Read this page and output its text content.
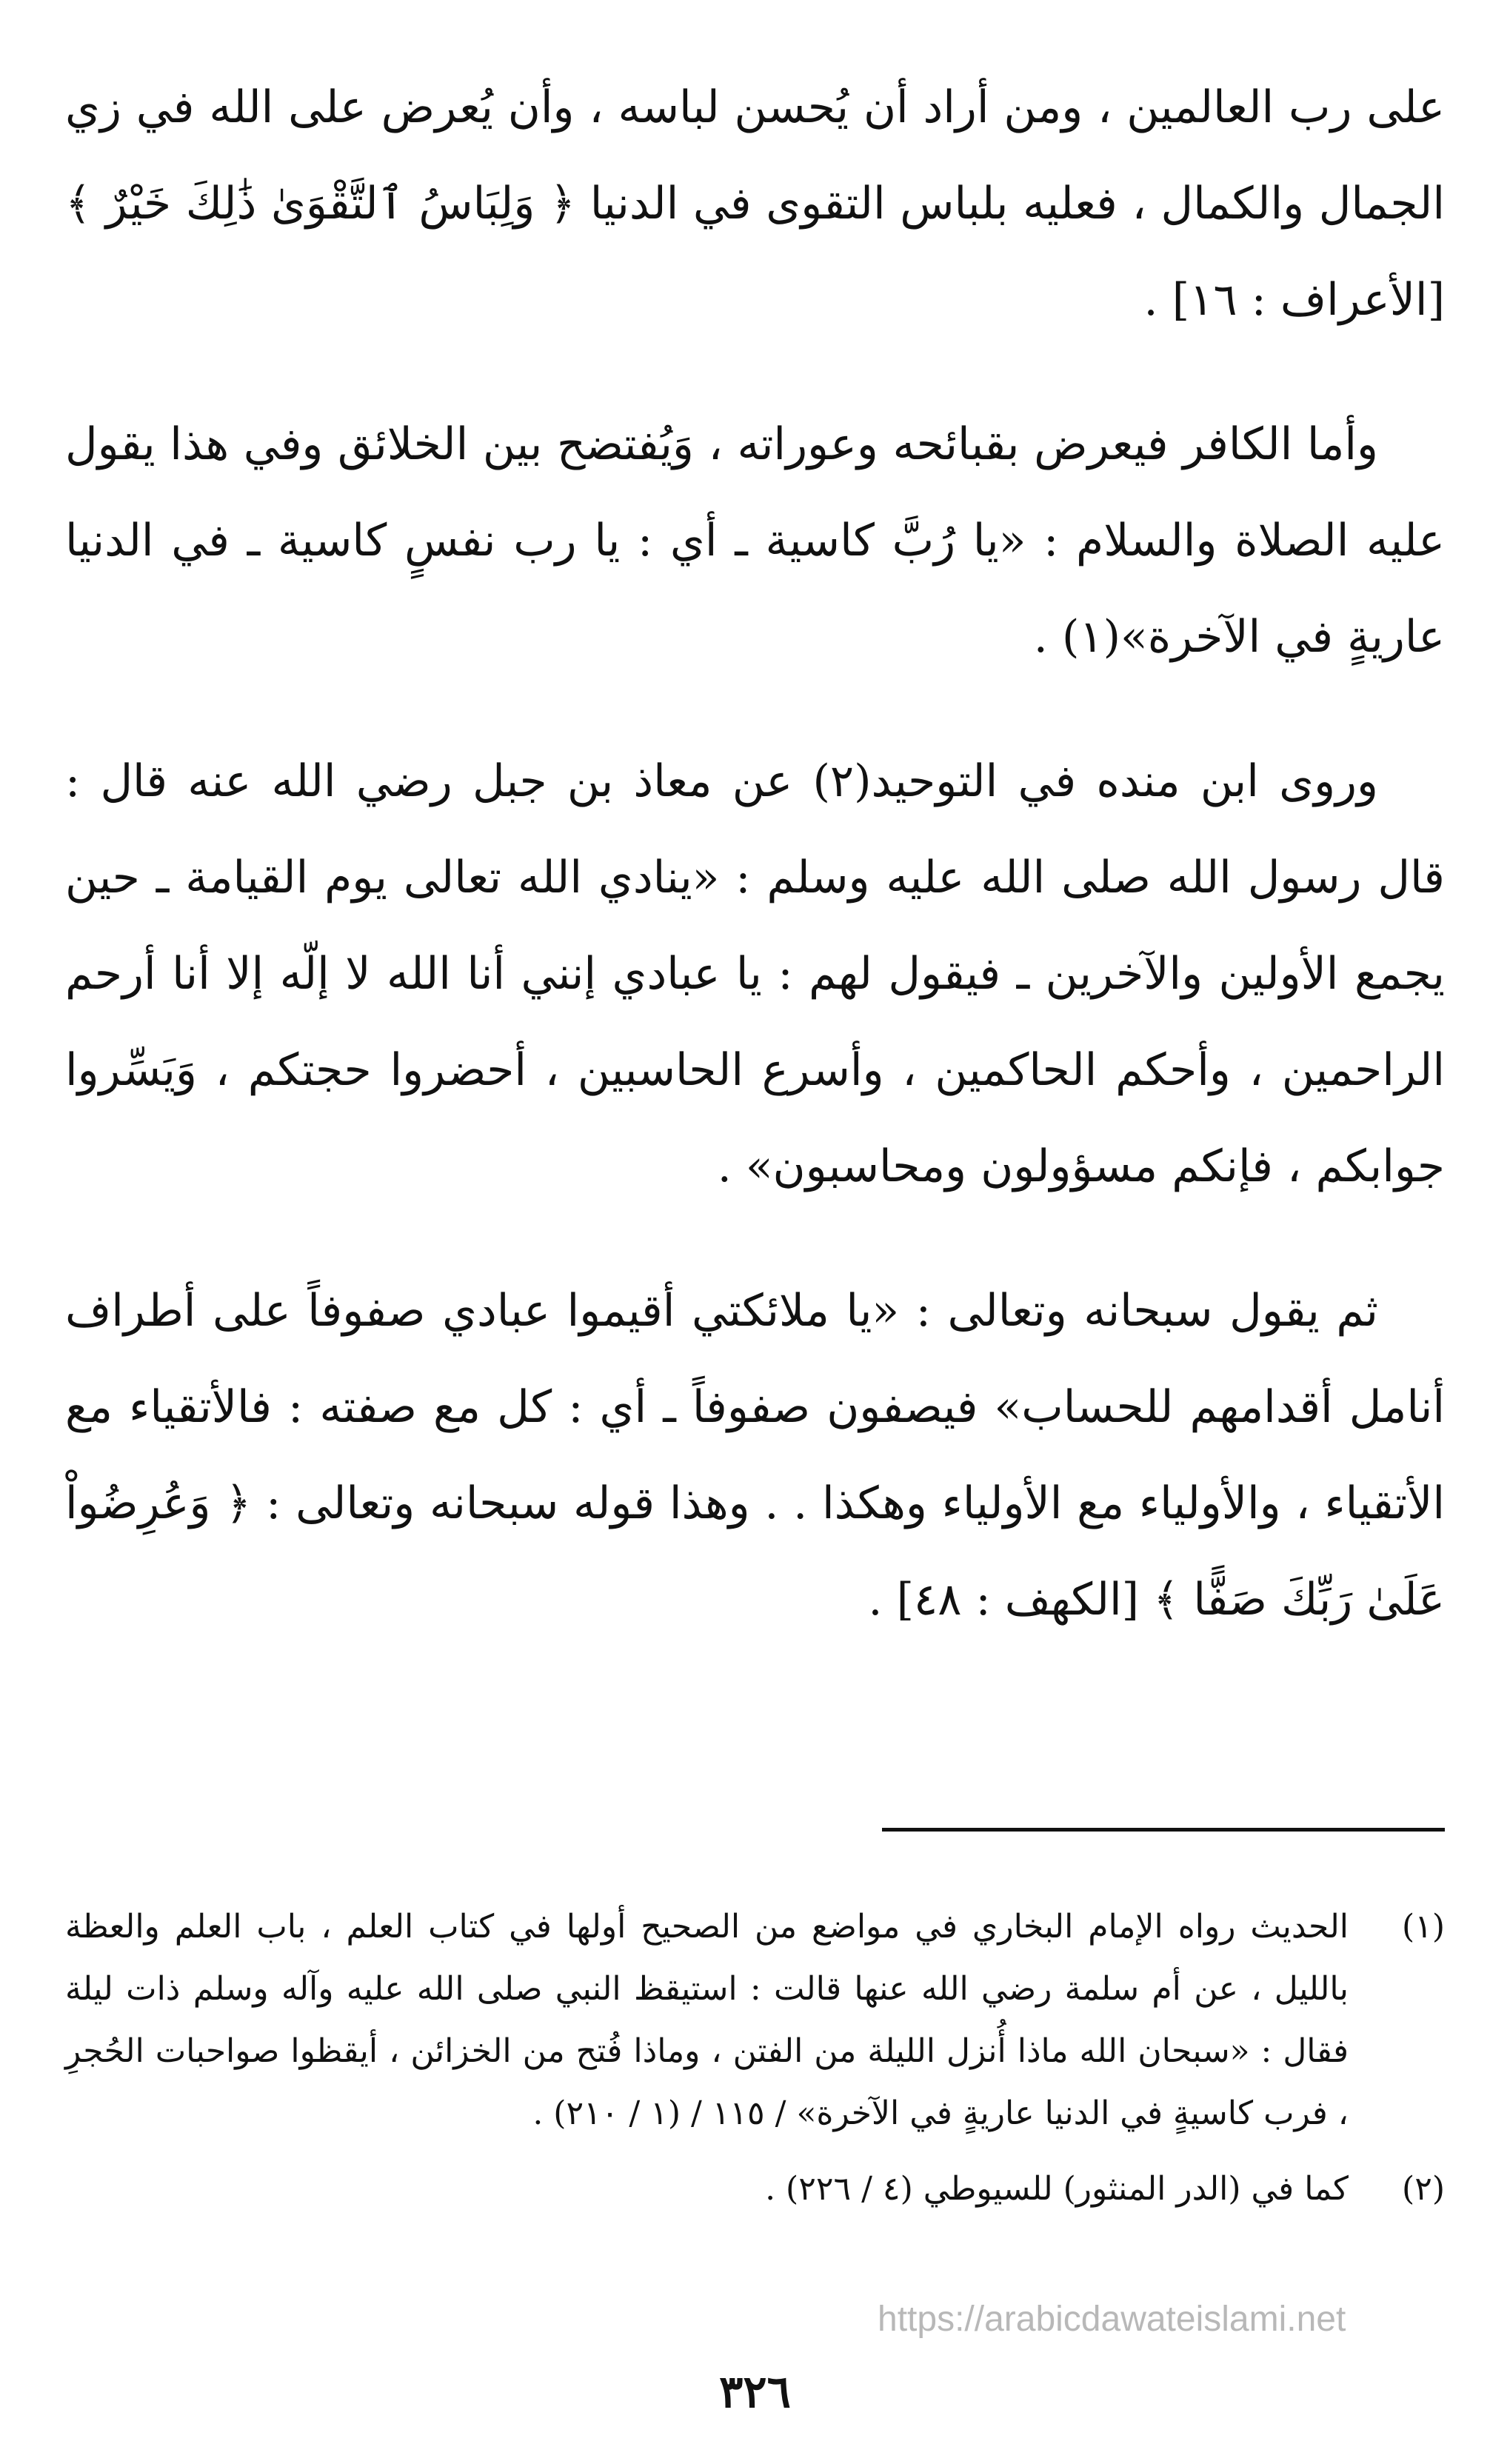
على رب العالمين ، ومن أراد أن يُحسن لباسه ، وأن يُعرض على الله في زي الجمال والكمال ، فعليه بلباس التقوى في الدنيا ﴿ وَلِبَاسُ ٱلتَّقْوَىٰ ذَٰلِكَ خَيْرٌ ﴾ [الأعراف : ١٦] .

وأما الكافر فيعرض بقبائحه وعوراته ، وَيُفتضح بين الخلائق وفي هذا يقول عليه الصلاة والسلام : «يا رُبَّ كاسية ـ أي : يا رب نفسٍ كاسية ـ في الدنيا عاريةٍ في الآخرة»(١) .

وروى ابن منده في التوحيد(٢) عن معاذ بن جبل رضي الله عنه قال : قال رسول الله صلى الله عليه وسلم : «ينادي الله تعالى يوم القيامة ـ حين يجمع الأولين والآخرين ـ فيقول لهم : يا عبادي إنني أنا الله لا إلّه إلا أنا أرحم الراحمين ، وأحكم الحاكمين ، وأسرع الحاسبين ، أحضروا حجتكم ، وَيَسِّروا جوابكم ، فإنكم مسؤولون ومحاسبون» .

ثم يقول سبحانه وتعالى : «يا ملائكتي أقيموا عبادي صفوفاً على أطراف أنامل أقدامهم للحساب» فيصفون صفوفاً ـ أي : كل مع صفته : فالأتقياء مع الأتقياء ، والأولياء مع الأولياء وهكذا . . وهذا قوله سبحانه وتعالى : ﴿ وَعُرِضُواْ عَلَىٰ رَبِّكَ صَفًّا ﴾ [الكهف : ٤٨] .

(١)
الحديث رواه الإمام البخاري في مواضع من الصحيح أولها في كتاب العلم ، باب العلم والعظة بالليل ، عن أم سلمة رضي الله عنها قالت : استيقظ النبي صلى الله عليه وآله وسلم ذات ليلة فقال : «سبحان الله ماذا أُنزل الليلة من الفتن ، وماذا فُتح من الخزائن ، أيقظوا صواحبات الحُجرِ ، فرب كاسيةٍ في الدنيا عاريةٍ في الآخرة» / ١١٥ / (١ / ٢١٠) .

(٢)
كما في (الدر المنثور) للسيوطي (٤ / ٢٢٦) .

https://arabicdawateislami.net
٣٢٦
